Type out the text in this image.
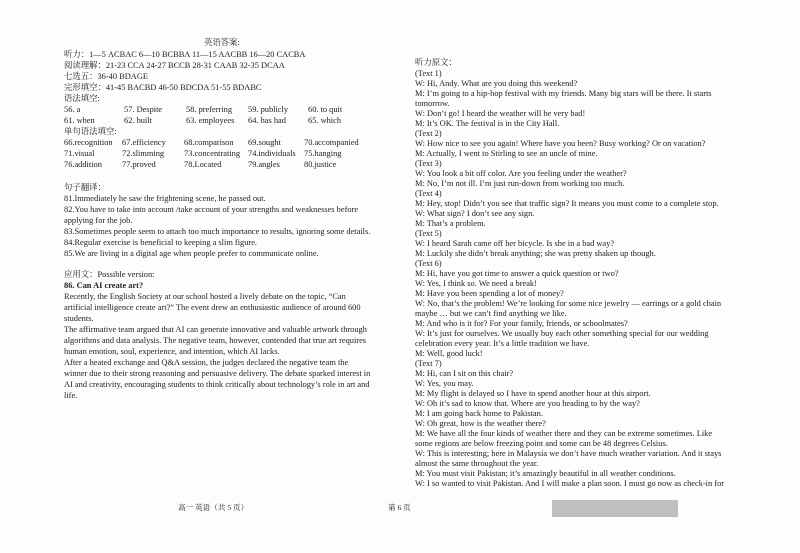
英语答案:
听力：1—5 ACBAC 6—10 BCBBA 11—15 AACBB 16—20 CACBA
阅读理解：21-23 CCA 24-27 BCCB 28-31 CAAB 32-35 DCAA
七选五：36-40 BDAGE
完形填空：41-45 BACBD 46-50 BDCDA 51-55 BDABC
语法填空:
56. a	57. Despite	58. preferring 59. publicly 60. to quit
61. when	62. built	63. employees 64. has had	65. which
单句语法填空:
66.recognition 67.efficiency 68.comparison 69.sought	70.accompanied
71.visual	72.slimming 73.concentrating 74.individuals 75.hanging
76.addition 77.proved	78.Located	79.angles	80.justice
句子翻译：
81.Immediately he saw the frightening scene, he passed out.
82.You have to take into account /take account of your strengths and weaknesses before
applying for the job.
83.Sometimes people seem to attach too much importance to results, ignoring some details.
84.Regular exercise is beneficial to keeping a slim figure.
85.We are living in a digital age when people prefer to communicate online.
应用文：Possible version:
86. Can AI create art?
Recently, the English Society at our school hosted a lively debate on the topic, “Can
artificial intelligence create art?” The event drew an enthusiastic audience of around 600
students.
The affirmative team argued that AI can generate innovative and valuable artwork through
algorithms and data analysis. The negative team, however, contended that true art requires
human emotion, soul, experience, and intention, which AI lacks.
After a heated exchange and Q&A session, the judges declared the negative team the
winner due to their strong reasoning and persuasive delivery. The debate sparked interest in
AI and creativity, encouraging students to think critically about technology’s role in art and
life.
听力原文：
(Text 1)
W: Hi, Andy. What are you doing this weekend?
M: I’m going to a hip-hop festival with my friends. Many big stars will be there. It starts
tomorrow.
W: Don’t go! I heard the weather will be very bad!
M: It’s OK. The festival is in the City Hall.
(Text 2)
W: How nice to see you again! Where have you been? Busy working? Or on vacation?
M: Actually, I went to Stirling to see an uncle of mine.
(Text 3)
W: You look a bit off color. Are you feeling under the weather?
M: No, I’m not ill. I’m just run-down from working too much.
(Text 4)
M: Hey, stop! Didn’t you see that traffic sign? It means you must come to a complete stop.
W: What sign? I don’t see any sign.
M: That’s a problem.
(Text 5)
W: I heard Sarah came off her bicycle. Is she in a bad way?
M: Luckily she didn’t break anything; she was pretty shaken up though.
(Text 6)
M: Hi, have you got time to answer a quick question or two?
W: Yes, I think so. We need a break!
M: Have you been spending a lot of money?
W: No, that’s the problem! We’re looking for some nice jewelry — earrings or a gold chain
maybe … but we can’t find anything we like.
M: And who is it for? For your family, friends, or schoolmates?
W: It’s just for ourselves. We usually buy each other something special for our wedding
celebration every year. It’s a little tradition we have.
M: Well, good luck!
(Text 7)
M: Hi, can I sit on this chair?
W: Yes, you may.
M: My flight is delayed so I have to spend another hour at this airport.
W: Oh it’s sad to know that. Where are you heading to by the way?
M: I am going back home to Pakistan.
W: Oh great, how is the weather there?
M: We have all the four kinds of weather there and they can be extreme sometimes. Like
some regions are below freezing point and some can be 48 degrees Celsius.
W: This is interesting; here in Malaysia we don’t have much weather variation. And it stays
almost the same throughout the year.
M: You must visit Pakistan; it’s amazingly beautiful in all weather conditions.
W: I so wanted to visit Pakistan. And I will make a plan soon. I must go now as check-in for
高一 英语（共 5 页）	第 6 页
